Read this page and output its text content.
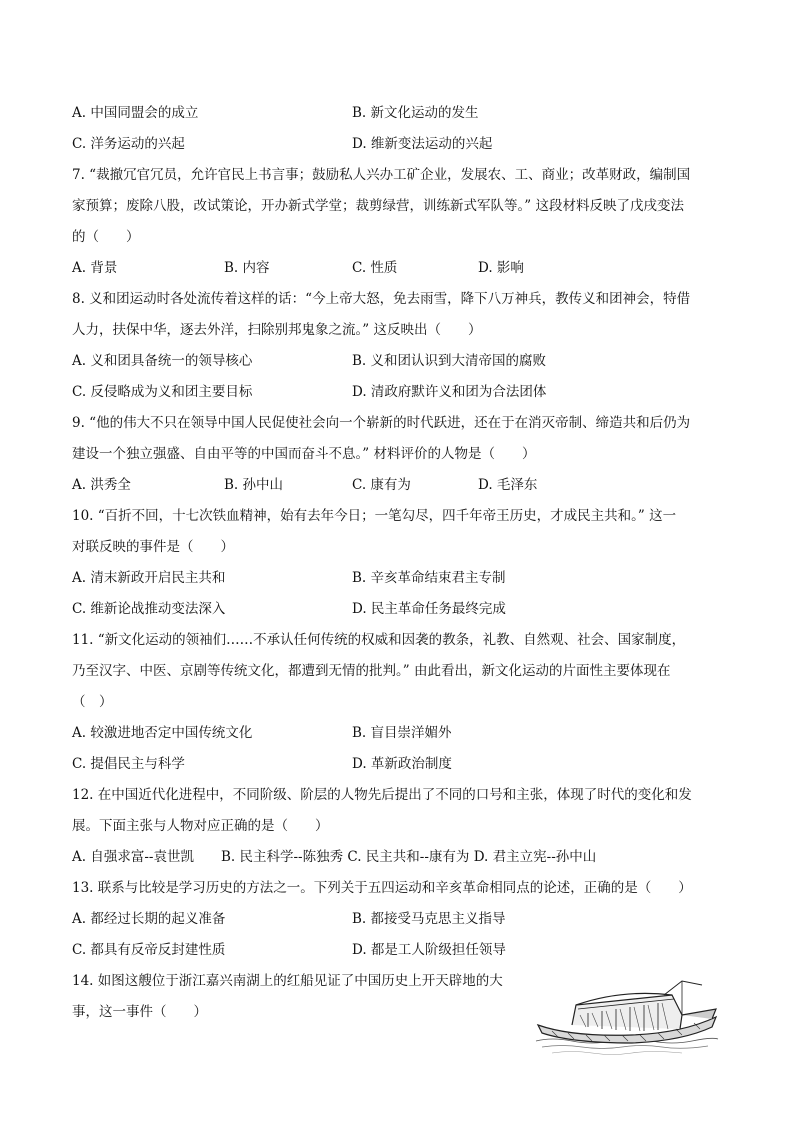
A. 中国同盟会的成立	B. 新文化运动的发生
C. 洋务运动的兴起	D. 维新变法运动的兴起
7. “裁撤冗官冗员，允许官民上书言事；鼓励私人兴办工矿企业，发展农、工、商业；改革财政，编制国
家预算；废除八股，改试策论，开办新式学堂；裁剪绿营，训练新式军队等。” 这段材料反映了戊戌变法
的（　　）
A. 背景	B. 内容	C. 性质	D. 影响
8. 义和团运动时各处流传着这样的话：“今上帝大怒，免去雨雪，降下八万神兵，教传义和团神会，特借
人力，扶保中华，逐去外洋，扫除别邦鬼象之流。” 这反映出（　　）
A. 义和团具备统一的领导核心	B. 义和团认识到大清帝国的腐败
C. 反侵略成为义和团主要目标	D. 清政府默许义和团为合法团体
9. “他的伟大不只在领导中国人民促使社会向一个崭新的时代跃进，还在于在消灭帝制、缔造共和后仍为
建设一个独立强盛、自由平等的中国而奋斗不息。” 材料评价的人物是（　　）
A. 洪秀全	B. 孙中山	C. 康有为	D. 毛泽东
10. “百折不回，十七次铁血精神，始有去年今日；一笔勾尽，四千年帝王历史，才成民主共和。” 这一
对联反映的事件是（　　）
A. 清末新政开启民主共和	B. 辛亥革命结束君主专制
C. 维新论战推动变法深入	D. 民主革命任务最终完成
11. “新文化运动的领袖们……不承认任何传统的权威和因袭的教条，礼教、自然观、社会、国家制度，
乃至汉字、中医、京剧等传统文化，都遭到无情的批判。” 由此看出，新文化运动的片面性主要体现在
（　）
A. 较激进地否定中国传统文化	B. 盲目崇洋媚外
C. 提倡民主与科学	D. 革新政治制度
12. 在中国近代化进程中，不同阶级、阶层的人物先后提出了不同的口号和主张，体现了时代的变化和发
展。下面主张与人物对应正确的是（　　）
A. 自强求富--袁世凯　　B. 民主科学--陈独秀 C. 民主共和--康有为 D. 君主立宪--孙中山
13. 联系与比较是学习历史的方法之一。下列关于五四运动和辛亥革命相同点的论述，正确的是（　　）
A. 都经过长期的起义准备	B. 都接受马克思主义指导
C. 都具有反帝反封建性质	D. 都是工人阶级担任领导
14. 如图这艘位于浙江嘉兴南湖上的红船见证了中国历史上开天辟地的大
事，这一事件（　　）
